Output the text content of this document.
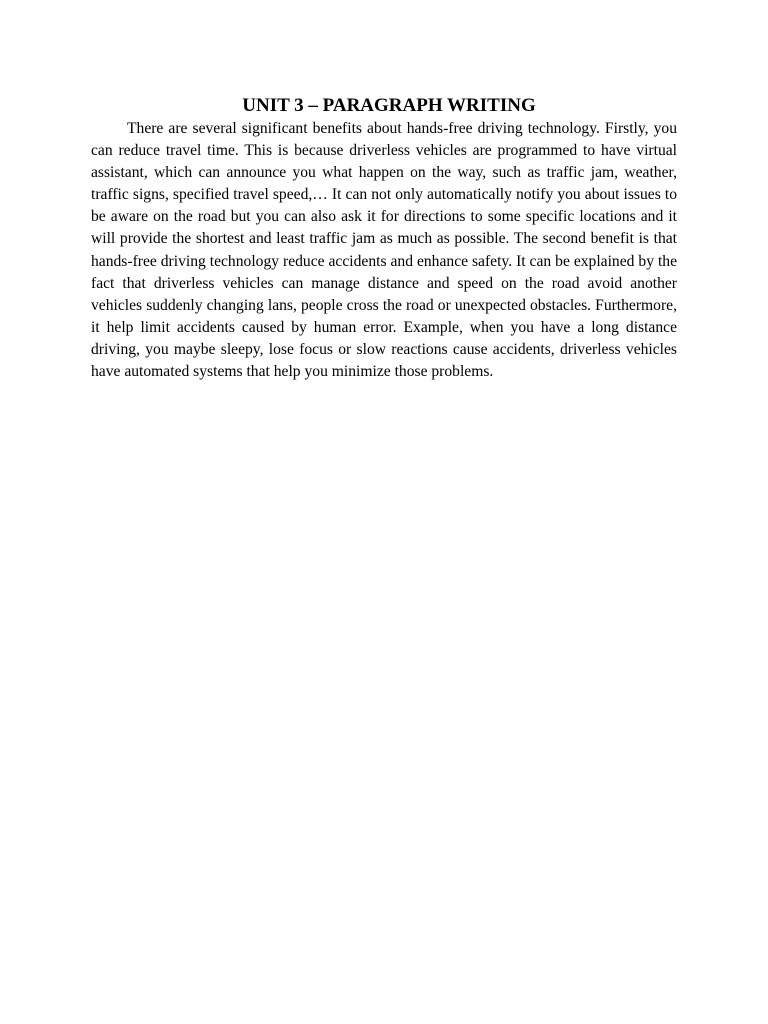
UNIT 3 – PARAGRAPH WRITING

There are several significant benefits about hands-free driving technology. Firstly, you can reduce travel time. This is because driverless vehicles are programmed to have virtual assistant, which can announce you what happen on the way, such as traffic jam, weather, traffic signs, specified travel speed,… It can not only automatically notify you about issues to be aware on the road but you can also ask it for directions to some specific locations and it will provide the shortest and least traffic jam as much as possible. The second benefit is that hands-free driving technology reduce accidents and enhance safety. It can be explained by the fact that driverless vehicles can manage distance and speed on the road avoid another vehicles suddenly changing lans, people cross the road or unexpected obstacles. Furthermore, it help limit accidents caused by human error. Example, when you have a long distance driving, you maybe sleepy, lose focus or slow reactions cause accidents, driverless vehicles have automated systems that help you minimize those problems.
